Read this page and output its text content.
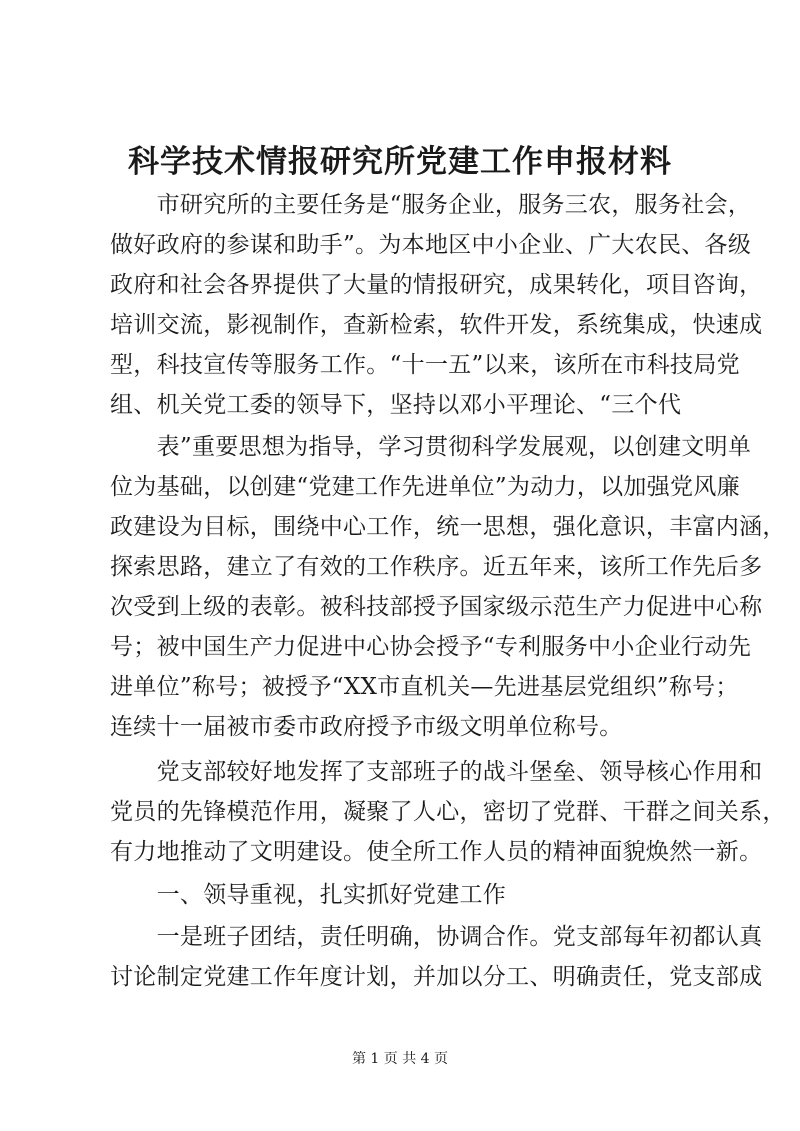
科学技术情报研究所党建工作申报材料
　　市研究所的主要任务是“服务企业，服务三农，服务社会，
做好政府的参谋和助手”。为本地区中小企业、广大农民、各级
政府和社会各界提供了大量的情报研究，成果转化，项目咨询，
培训交流，影视制作，查新检索，软件开发，系统集成，快速成
型，科技宣传等服务工作。“十一五”以来，该所在市科技局党
组、机关党工委的领导下，坚持以邓小平理论、“三个代
　　表”重要思想为指导，学习贯彻科学发展观，以创建文明单
位为基础，以创建“党建工作先进单位”为动力，以加强党风廉
政建设为目标，围绕中心工作，统一思想，强化意识，丰富内涵，
探索思路，建立了有效的工作秩序。近五年来，该所工作先后多
次受到上级的表彰。被科技部授予国家级示范生产力促进中心称
号；被中国生产力促进中心协会授予“专利服务中小企业行动先
进单位”称号；被授予“XX市直机关—先进基层党组织”称号；
连续十一届被市委市政府授予市级文明单位称号。
　　党支部较好地发挥了支部班子的战斗堡垒、领导核心作用和
党员的先锋模范作用，凝聚了人心，密切了党群、干群之间关系，
有力地推动了文明建设。使全所工作人员的精神面貌焕然一新。
　　一、领导重视，扎实抓好党建工作
　　一是班子团结，责任明确，协调合作。党支部每年初都认真
讨论制定党建工作年度计划，并加以分工、明确责任，党支部成
第 1 页 共 4 页
